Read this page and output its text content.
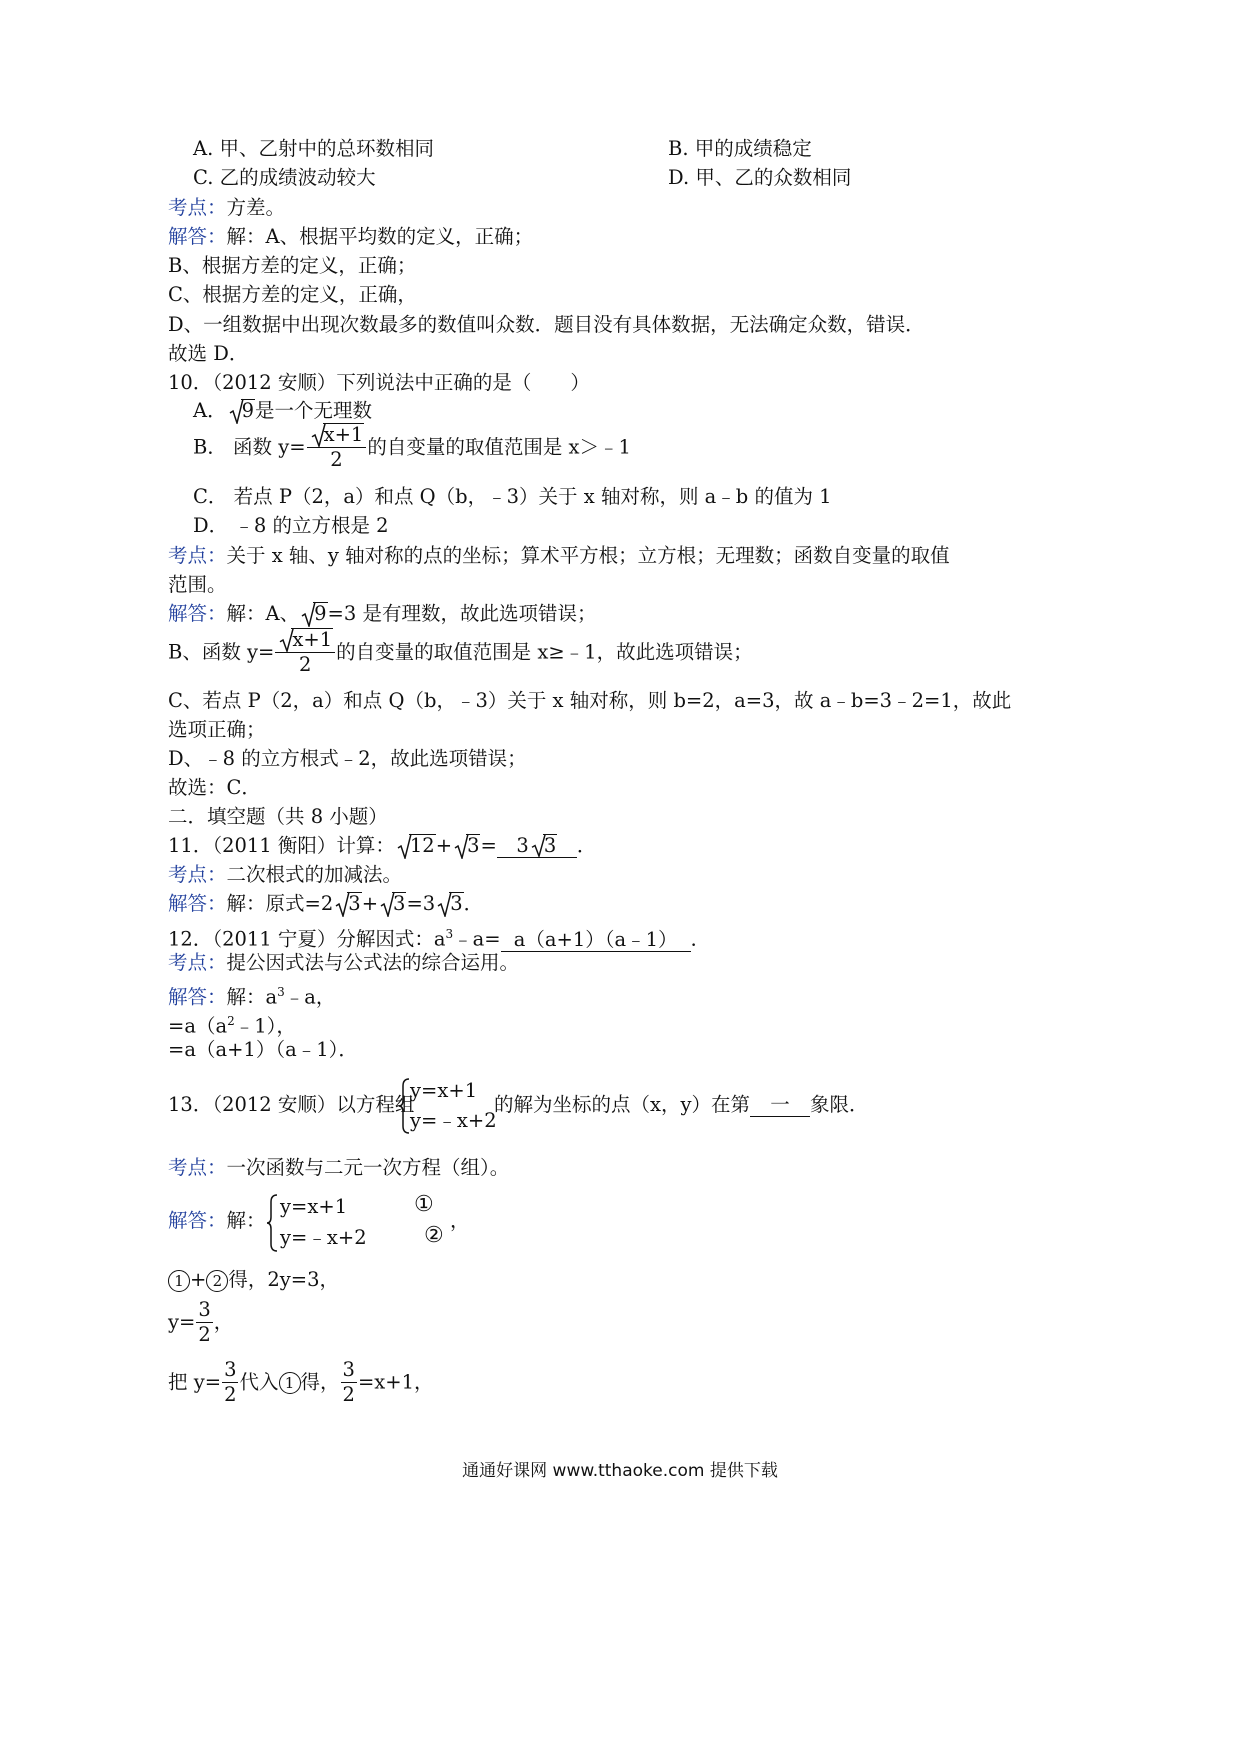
A. 甲、乙射中的总环数相同	B. 甲的成绩稳定
C. 乙的成绩波动较大	D. 甲、乙的众数相同
考点：方差。
解答：解：A、根据平均数的定义，正确；
B、根据方差的定义，正确；
C、根据方差的定义，正确，
D、一组数据中出现次数最多的数值叫众数．题目没有具体数据，无法确定众数，错误．
故选 D．
10．（2012 安顺）下列说法中正确的是（　　）
A． 9是一个无理数
B． 函数 $y= \frac{x+1}{2}$ 的自变量的取值范围是 x＞﹣1
C． 若点 P（2，a）和点 Q（b，﹣3）关于 x 轴对称，则 a﹣b 的值为 1
D． ﹣8 的立方根是 2
考点：关于 x 轴、y 轴对称的点的坐标；算术平方根；立方根；无理数；函数自变量的取值
范围。
解答：解：A、 9=3 是有理数，故此选项错误；
B、函数 $y= \frac{x+1}{2}$ 的自变量的取值范围是 x≥﹣1，故此选项错误；
C、若点 P（2，a）和点 Q（b，﹣3）关于 x 轴对称，则 b=2，a=3，故 a﹣b=3﹣2=1，故此
选项正确；
D、﹣8 的立方根式﹣2，故此选项错误；
故选：C．
二．填空题（共 8 小题）
11．（2011 衡阳）计算： 12+ 3= 3 3 ．
考点：二次根式的加减法。
解答：解：原式=2 3+ 3=3 3．
12．（2011 宁夏）分解因式：$a^3﹣a=$ a（a+1）（a﹣1） ．
考点：提公因式法与公式法的综合运用。
解答：解：$a^3﹣a$，
$=a(a^2﹣1)$，
=a（a+1）（a﹣1）．
13．（2012 安顺）以方程组
y=x+1
y=﹣x+2
的解为坐标的点（x，y）在第 一 象限．
考点：一次函数与二元一次方程（组）。
解答：解：
y=x+1
y=﹣x+2
①
②
，
1 + 2 得，2y=3，
$y= \frac{3}{2}$ ，
把 $y= \frac{3}{2}$ 代入 1 得， $\frac{3}{2} =x+1$，
通通好课网 www.tthaoke.com 提供下载
